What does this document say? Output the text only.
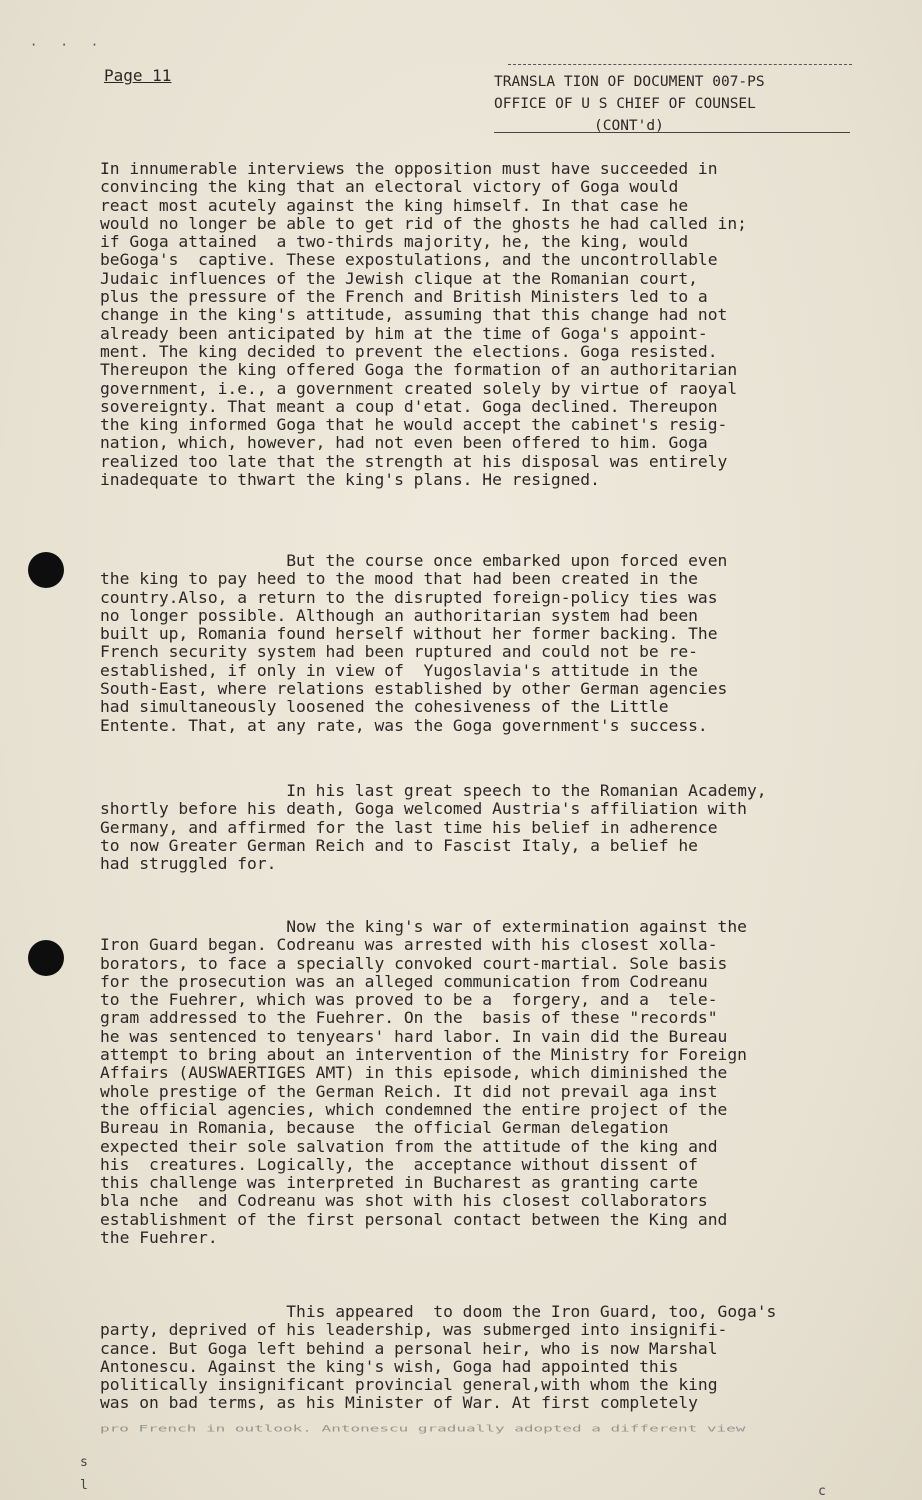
· · ·
Page 11	TRANSLA TION OF DOCUMENT 007-PS
OFFICE OF U S CHIEF OF COUNSEL
(CONT'd)

In innumerable interviews the opposition must have succeeded in
convincing the king that an electoral victory of Goga would
react most acutely against the king himself. In that case he
would no longer be able to get rid of the ghosts he had called in;
if Goga attained  a two-thirds majority, he, the king, would
beGoga's  captive. These expostulations, and the uncontrollable
Judaic influences of the Jewish clique at the Romanian court,
plus the pressure of the French and British Ministers led to a
change in the king's attitude, assuming that this change had not
already been anticipated by him at the time of Goga's appoint-
ment. The king decided to prevent the elections. Goga resisted.
Thereupon the king offered Goga the formation of an authoritarian
government, i.e., a government created solely by virtue of raoyal
sovereignty. That meant a coup d'etat. Goga declined. Thereupon
the king informed Goga that he would accept the cabinet's resig-
nation, which, however, had not even been offered to him. Goga
realized too late that the strength at his disposal was entirely
inadequate to thwart the king's plans. He resigned.

But the course once embarked upon forced even
the king to pay heed to the mood that had been created in the
country.Also, a return to the disrupted foreign-policy ties was
no longer possible. Although an authoritarian system had been
built up, Romania found herself without her former backing. The
French security system had been ruptured and could not be re-
established, if only in view of  Yugoslavia's attitude in the
South-East, where relations established by other German agencies
had simultaneously loosened the cohesiveness of the Little
Entente. That, at any rate, was the Goga government's success.

In his last great speech to the Romanian Academy,
shortly before his death, Goga welcomed Austria's affiliation with
Germany, and affirmed for the last time his belief in adherence
to now Greater German Reich and to Fascist Italy, a belief he
had struggled for.

Now the king's war of extermination against the
Iron Guard began. Codreanu was arrested with his closest xolla-
borators, to face a specially convoked court-martial. Sole basis
for the prosecution was an alleged communication from Codreanu
to the Fuehrer, which was proved to be a  forgery, and a  tele-
gram addressed to the Fuehrer. On the  basis of these "records"
he was sentenced to tenyears' hard labor. In vain did the Bureau
attempt to bring about an intervention of the Ministry for Foreign
Affairs (AUSWAERTIGES AMT) in this episode, which diminished the
whole prestige of the German Reich. It did not prevail aga inst
the official agencies, which condemned the entire project of the
Bureau in Romania, because  the official German delegation
expected their sole salvation from the attitude of the king and
his  creatures. Logically, the  acceptance without dissent of
this challenge was interpreted in Bucharest as granting carte
bla nche  and Codreanu was shot with his closest collaborators
establishment of the first personal contact between the King and
the Fuehrer.

This appeared  to doom the Iron Guard, too, Goga's
party, deprived of his leadership, was submerged into insignifi-
cance. But Goga left behind a personal heir, who is now Marshal
Antonescu. Against the king's wish, Goga had appointed this
politically insignificant provincial general,with whom the king
was on bad terms, as his Minister of War. At first completely

pro French in outlook. Antonescu gradually adopted a different view
s
l	c
